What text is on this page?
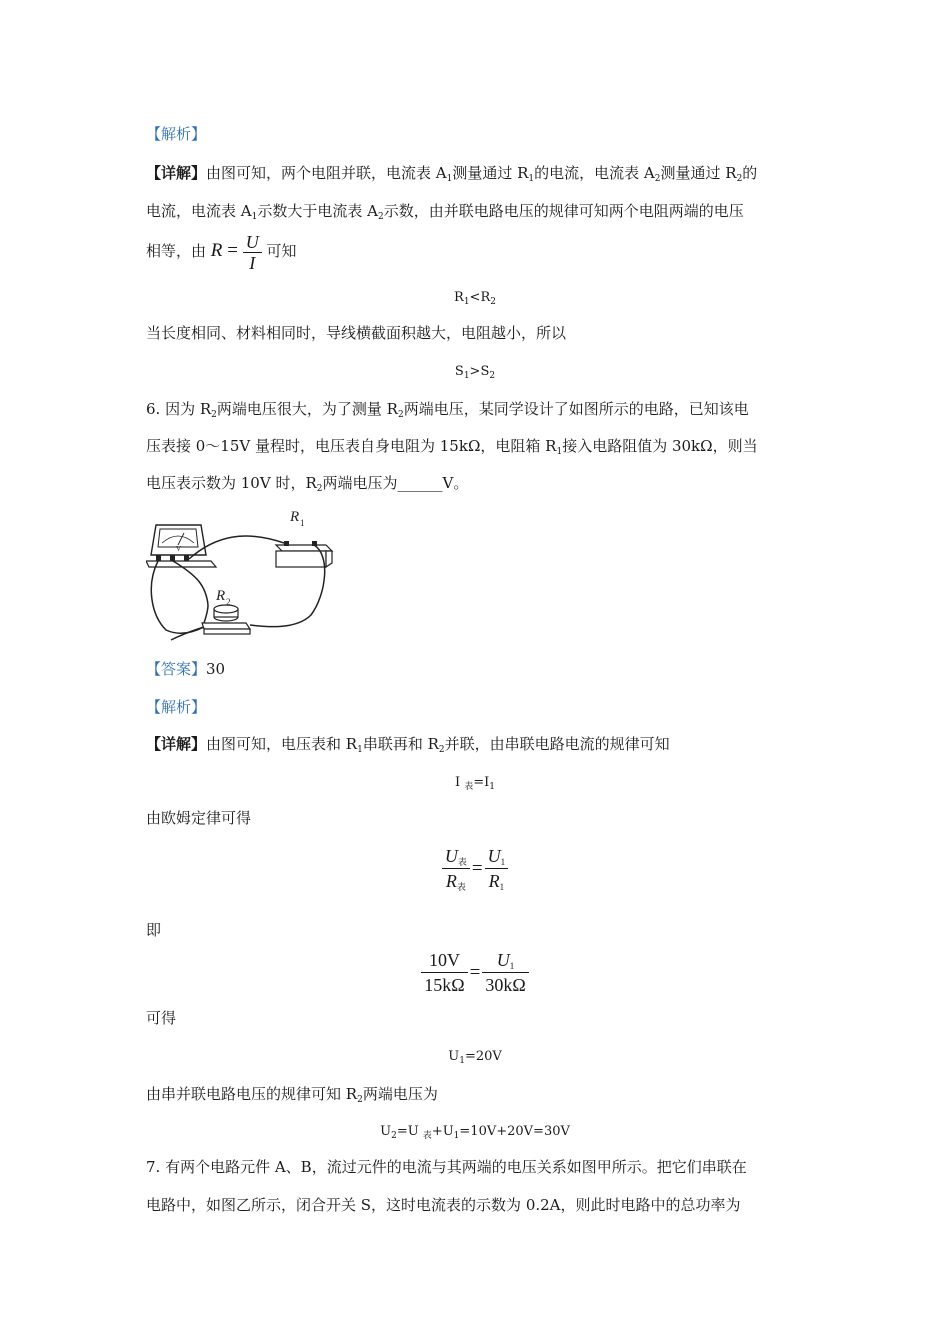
【解析】
【详解】由图可知，两个电阻并联，电流表 $A_1$测量通过 $R_1$的电流，电流表 $A_2$测量通过 $R_2$的
电流，电流表 $A_1$示数大于电流表 $A_2$示数，由并联电路电压的规律可知两个电阻两端的电压
相等，由 $R = \frac{U}{I}$ 可知
$R_1<R_2$
当长度相同、材料相同时，导线横截面积越大，电阻越小，所以
$S_1>S_2$
6. 因为 $R_2$两端电压很大，为了测量 $R_2$两端电压，某同学设计了如图所示的电路，已知该电
压表接 0～15V 量程时，电压表自身电阻为 15kΩ，电阻箱 $R_1$接入电路阻值为 30kΩ，则当
电压表示数为 10V 时，$R_2$两端电压为______V。
V
R 1
R 2
【答案】30
【解析】
【详解】由图可知，电压表和 $R_1$串联再和 $R_2$并联，由串联电路电流的规律可知
I $_表=I_1$
由欧姆定律可得
$\frac{U_表}{R_表} = \frac{U_1}{R_1}$
即
$\frac{10V}{15k\Omega} = \frac{U_1}{30k\Omega}$
可得
$U_1=20V$
由串并联电路电压的规律可知 $R_2$两端电压为
$U_2=U$ $_表+U_1=10V+20V=30V$
7. 有两个电路元件 A、B，流过元件的电流与其两端的电压关系如图甲所示。把它们串联在
电路中，如图乙所示，闭合开关 S，这时电流表的示数为 0.2A，则此时电路中的总功率为
